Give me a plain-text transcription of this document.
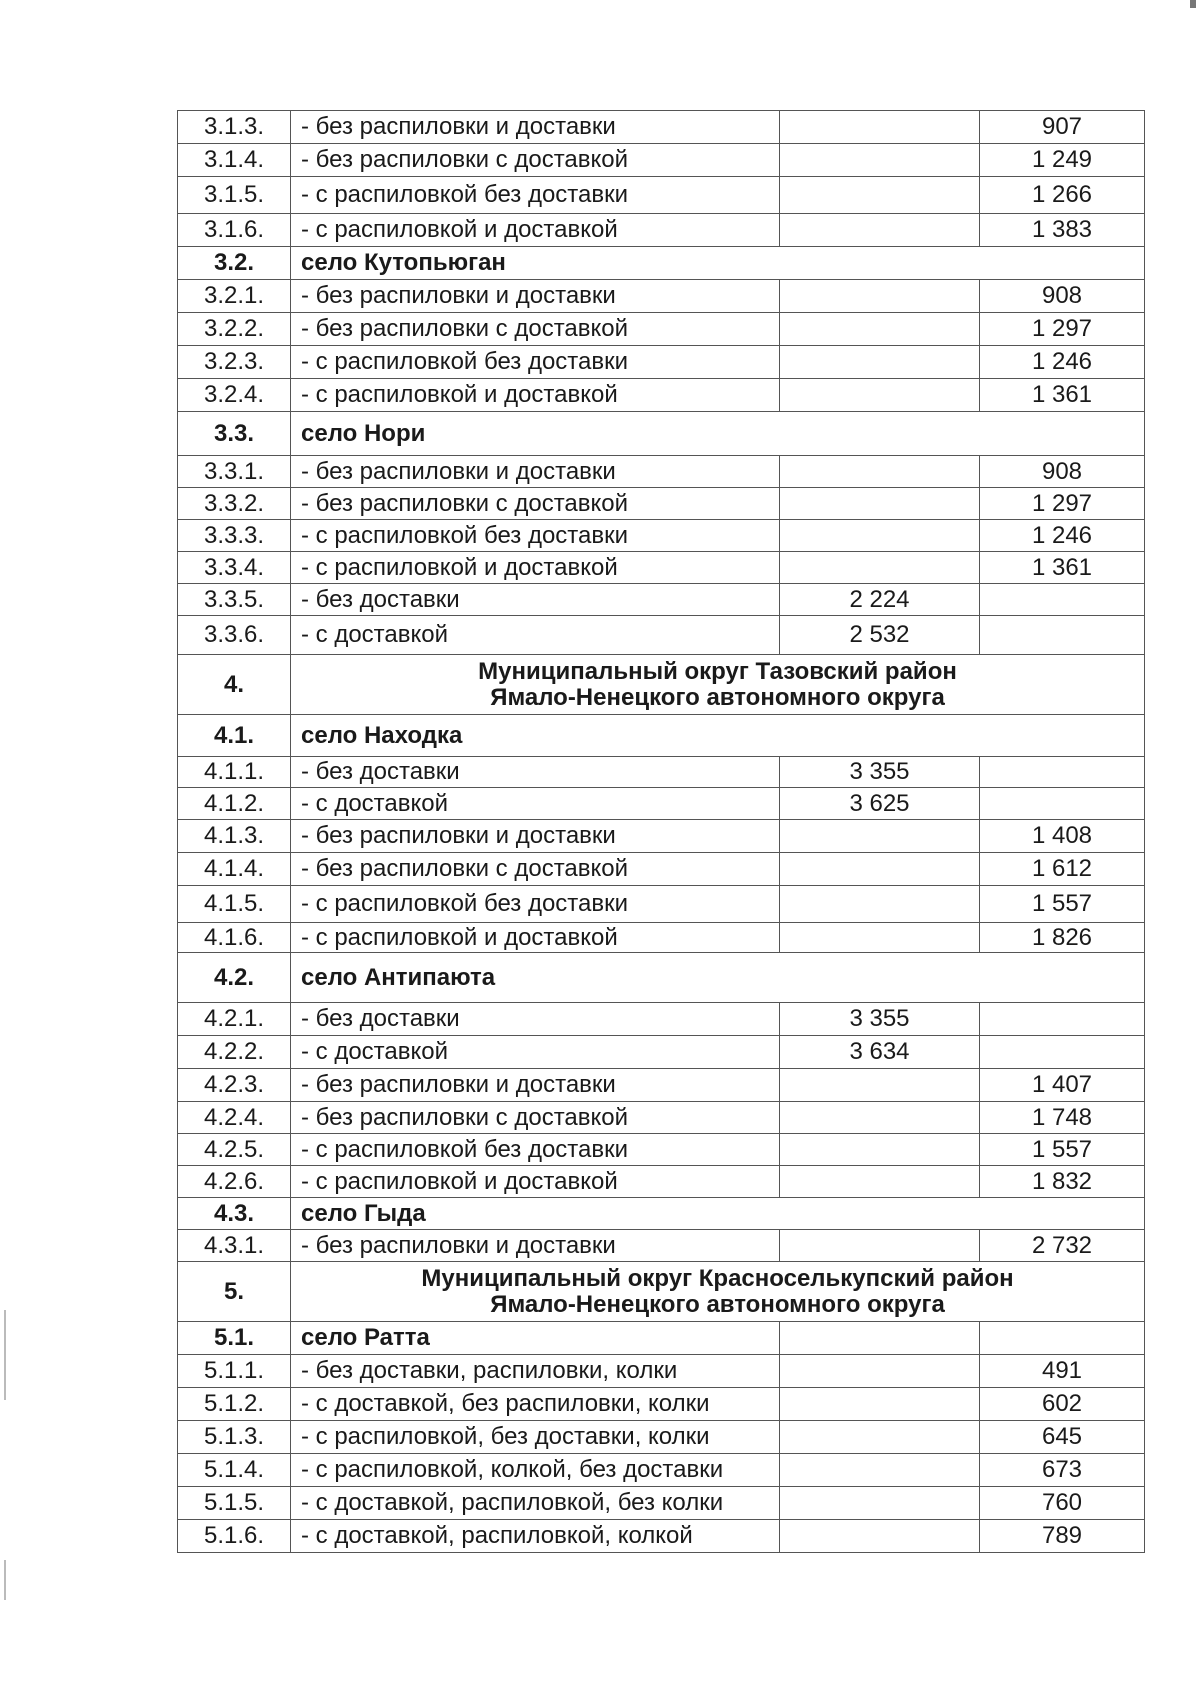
3.1.3.	- без распиловки и доставки		907
3.1.4.	- без распиловки с доставкой		1 249
3.1.5.	- с распиловкой без доставки		1 266
3.1.6.	- с распиловкой и доставкой		1 383
3.2.	село Кутопьюган		
3.2.1.	- без распиловки и доставки		908
3.2.2.	- без распиловки с доставкой		1 297
3.2.3.	- с распиловкой без доставки		1 246
3.2.4.	- с распиловкой и доставкой		1 361
3.3.	село Нори		
3.3.1.	- без распиловки и доставки		908
3.3.2.	- без распиловки с доставкой		1 297
3.3.3.	- с распиловкой без доставки		1 246
3.3.4.	- с распиловкой и доставкой		1 361
3.3.5.	- без доставки	2 224	
3.3.6.	- с доставкой	2 532	
4.	Муниципальный округ Тазовский район
Ямало-Ненецкого автономного округа		

4.1.	село Находка		
4.1.1.	- без доставки	3 355	
4.1.2.	- с доставкой	3 625	
4.1.3.	- без распиловки и доставки		1 408
4.1.4.	- без распиловки с доставкой		1 612
4.1.5.	- с распиловкой без доставки		1 557
4.1.6.	- с распиловкой и доставкой		1 826
4.2.	село Антипаюта		
4.2.1.	- без доставки	3 355	
4.2.2.	- с доставкой	3 634	
4.2.3.	- без распиловки и доставки		1 407
4.2.4.	- без распиловки с доставкой		1 748
4.2.5.	- с распиловкой без доставки		1 557
4.2.6.	- с распиловкой и доставкой		1 832
4.3.	село Гыда		
4.3.1.	- без распиловки и доставки		2 732
5.	Муниципальный округ Красноселькупский район
Ямало-Ненецкого автономного округа		

5.1.	село Ратта		
5.1.1.	- без доставки, распиловки, колки		491
5.1.2.	- с доставкой, без распиловки, колки		602
5.1.3.	- с распиловкой, без доставки, колки		645
5.1.4.	- с распиловкой, колкой, без доставки		673
5.1.5.	- с доставкой, распиловкой, без колки		760
5.1.6.	- с доставкой, распиловкой, колкой		789
